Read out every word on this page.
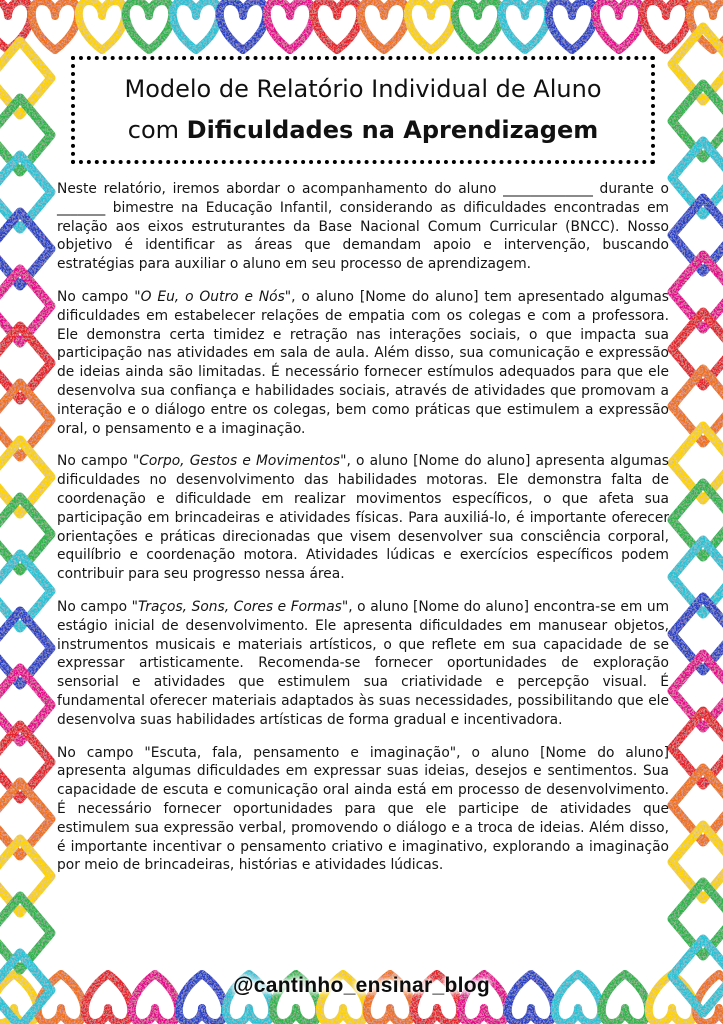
Modelo de Relatório Individual de Aluno
com Dificuldades na Aprendizagem

Neste relatório, iremos abordar o acompanhamento do aluno _____________ durante o _______ bimestre na Educação Infantil, considerando as dificuldades encontradas em relação aos eixos estruturantes da Base Nacional Comum Curricular (BNCC). Nosso objetivo é identificar as áreas que demandam apoio e intervenção, buscando estratégias para auxiliar o aluno em seu processo de aprendizagem.

No campo "O Eu, o Outro e Nós", o aluno [Nome do aluno] tem apresentado algumas dificuldades em estabelecer relações de empatia com os colegas e com a professora. Ele demonstra certa timidez e retração nas interações sociais, o que impacta sua participação nas atividades em sala de aula. Além disso, sua comunicação e expressão de ideias ainda são limitadas. É necessário fornecer estímulos adequados para que ele desenvolva sua confiança e habilidades sociais, através de atividades que promovam a interação e o diálogo entre os colegas, bem como práticas que estimulem a expressão oral, o pensamento e a imaginação.

No campo "Corpo, Gestos e Movimentos", o aluno [Nome do aluno] apresenta algumas dificuldades no desenvolvimento das habilidades motoras. Ele demonstra falta de coordenação e dificuldade em realizar movimentos específicos, o que afeta sua participação em brincadeiras e atividades físicas. Para auxiliá-lo, é importante oferecer orientações e práticas direcionadas que visem desenvolver sua consciência corporal, equilíbrio e coordenação motora. Atividades lúdicas e exercícios específicos podem contribuir para seu progresso nessa área.

No campo "Traços, Sons, Cores e Formas", o aluno [Nome do aluno] encontra-se em um estágio inicial de desenvolvimento. Ele apresenta dificuldades em manusear objetos, instrumentos musicais e materiais artísticos, o que reflete em sua capacidade de se expressar artisticamente. Recomenda-se fornecer oportunidades de exploração sensorial e atividades que estimulem sua criatividade e percepção visual. É fundamental oferecer materiais adaptados às suas necessidades, possibilitando que ele desenvolva suas habilidades artísticas de forma gradual e incentivadora.

No campo "Escuta, fala, pensamento e imaginação", o aluno [Nome do aluno] apresenta algumas dificuldades em expressar suas ideias, desejos e sentimentos. Sua capacidade de escuta e comunicação oral ainda está em processo de desenvolvimento. É necessário fornecer oportunidades para que ele participe de atividades que estimulem sua expressão verbal, promovendo o diálogo e a troca de ideias. Além disso, é importante incentivar o pensamento criativo e imaginativo, explorando a imaginação por meio de brincadeiras, histórias e atividades lúdicas.

@cantinho_ensinar_blog
